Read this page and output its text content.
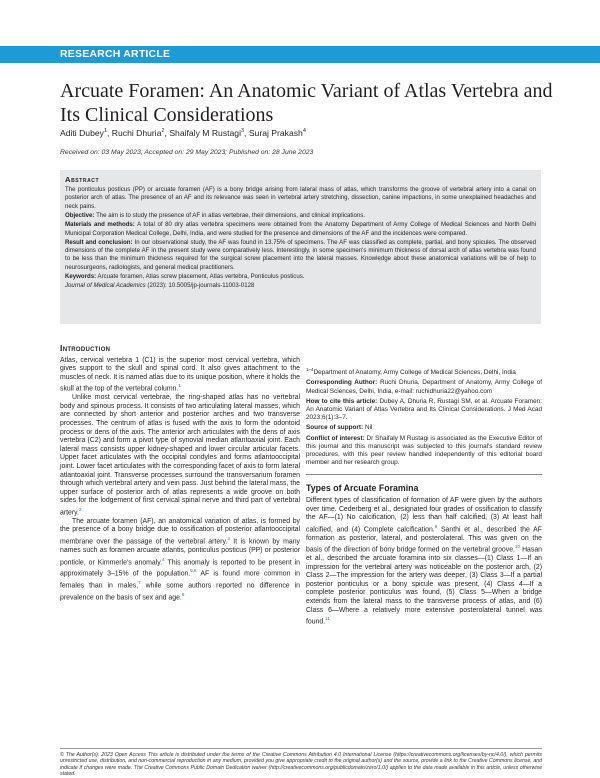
RESEARCH ARTICLE
Arcuate Foramen: An Anatomic Variant of Atlas Vertebra and Its Clinical Considerations
Aditi Dubey$^1$, Ruchi Dhuria$^2$, Shaifaly M Rustagi$^3$, Suraj Prakash$^4$
Received on: 03 May 2023; Accepted on: 29 May 2023; Published on: 28 June 2023
Abstract

The ponticulus posticus (PP) or arcuate foramen (AF) is a bony bridge arising from lateral mass of atlas, which transforms the groove of vertebral artery into a canal on posterior arch of atlas. The presence of an AF and its relevance was seen in vertebral artery stretching, dissection, canine impactions, in some unexplained headaches and neck pains.

Objective: The aim is to study the presence of AF in atlas vertebrae, their dimensions, and clinical implications.

Materials and methods: A total of 80 dry atlas vertebra specimens were obtained from the Anatomy Department of Army College of Medical Sciences and North Delhi Municipal Corporation Medical College, Delhi, India, and were studied for the presence and dimensions of the AF and the incidences were compared.

Result and conclusion: In our observational study, the AF was found in 13.75% of specimens. The AF was classified as complete, partial, and bony spicules. The observed dimensions of the complete AF in the present study were comparatively less. Interestingly, in some specimen's minimum thickness of dorsal arch of atlas vertebra was found to be less than the minimum thickness required for the surgical screw placement into the lateral masses. Knowledge about these anatomical variations will be of help to neurosurgeons, radiologists, and general medical practitioners.

Keywords: Arcuate foramen, Atlas screw placement, Atlas vertebra, Ponticulus posticus.

Journal of Medical Academics (2023): 10.5005/jp-journals-11003-0128

Introduction

Atlas, cervical vertebra 1 (C1) is the superior most cervical vertebra, which gives support to the skull and spinal cord. It also gives attachment to the muscles of neck. It is named atlas due to its unique position, where it holds the skull at the top of the vertebral column.$^1$

Unlike most cervical vertebrae, the ring-shaped atlas has no vertebral body and spinous process. It consists of two articulating lateral masses, which are connected by short anterior and posterior arches and two transverse processes. The centrum of atlas is fused with the axis to form the odontoid process or dens of the axis. The anterior arch articulates with the dens of axis vertebra (C2) and form a pivot type of synovial median atlantoaxial joint. Each lateral mass consists upper kidney-shaped and lower circular articular facets. Upper facet articulates with the occipital condyles and forms atlantooccipital joint. Lower facet articulates with the corresponding facet of axis to form lateral atlantoaxial joint. Transverse processes surround the transversarium foramen through which vertebral artery and vein pass. Just behind the lateral mass, the upper surface of posterior arch of atlas represents a wide groove on both sides for the lodgement of first cervical spinal nerve and third part of vertebral artery.$^2$

The arcuate foramen (AF), an anatomical variation of atlas, is formed by the presence of a bony bridge due to ossification of posterior atlantooccipital membrane over the passage of the vertebral artery.$^3$ It is known by many names such as foramen arcuate atlantis, ponticulus posticus (PP) or posterior ponticle, or Kimmerle's anomaly.$^4$ This anomaly is reported to be present in approximately 3–15% of the population.$^{5,6}$ AF is found more common in females than in males,$^7$ while some authors reported no difference in prevalence on the basis of sex and age.$^8$

$^{1-4}$Department of Anatomy, Army College of Medical Sciences, Delhi, India

Corresponding Author: Ruchi Dhuria, Department of Anatomy, Army College of Medical Sciences, Delhi, India, e-mail: ruchidhuria22@yahoo.com

How to cite this article: Dubey A, Dhuria R, Rustagi SM, et al. Arcuate Foramen: An Anatomic Variant of Atlas Vertebra and Its Clinical Considerations. J Med Acad 2023;6(1):3–7.

Source of support: Nil

Conflict of interest: Dr Shaifaly M Rustagi is associated as the Executive Editor of this journal and this manuscript was subjected to this journal's standard review procedures, with this peer review handled independently of this editorial board member and her research group.

Types of Arcuate Foramina

Different types of classification of formation of AF were given by the authors over time. Cederberg et al., designated four grades of ossification to classify the AF—(1) No calcification, (2) less than half calcified, (3) At least half calcified, and (4) Complete calcification.$^9$ Santhi et al., described the AF formation as posterior, lateral, and posterolateral. This was given on the basis of the direction of bony bridge formed on the vertebral groove.$^{10}$ Hasan et al., described the arcuate foramina into six classes—(1) Class 1—If an impression for the vertebral artery was noticeable on the posterior arch, (2) Class 2—The impression for the artery was deeper, (3) Class 3—If a partial posterior ponticulus or a bony spicule was present, (4) Class 4—If a complete posterior ponticulus was found, (5) Class 5—When a bridge extends from the lateral mass to the transverse process of atlas, and (6) Class 6—Where a relatively more extensive posterolateral tunnel was found.$^{11}$

© The Author(s). 2023 Open Access This article is distributed under the terms of the Creative Commons Attribution 4.0 International License (https://creativecommons.org/licenses/by-nc/4.0/), which permits unrestricted use, distribution, and non-commercial reproduction in any medium, provided you give appropriate credit to the original author(s) and the source, provide a link to the Creative Commons license, and indicate if changes were made. The Creative Commons Public Domain Dedication waiver (http://creativecommons.org/publicdomain/zero/1.0/) applies to the data made available in this article, unless otherwise stated.
